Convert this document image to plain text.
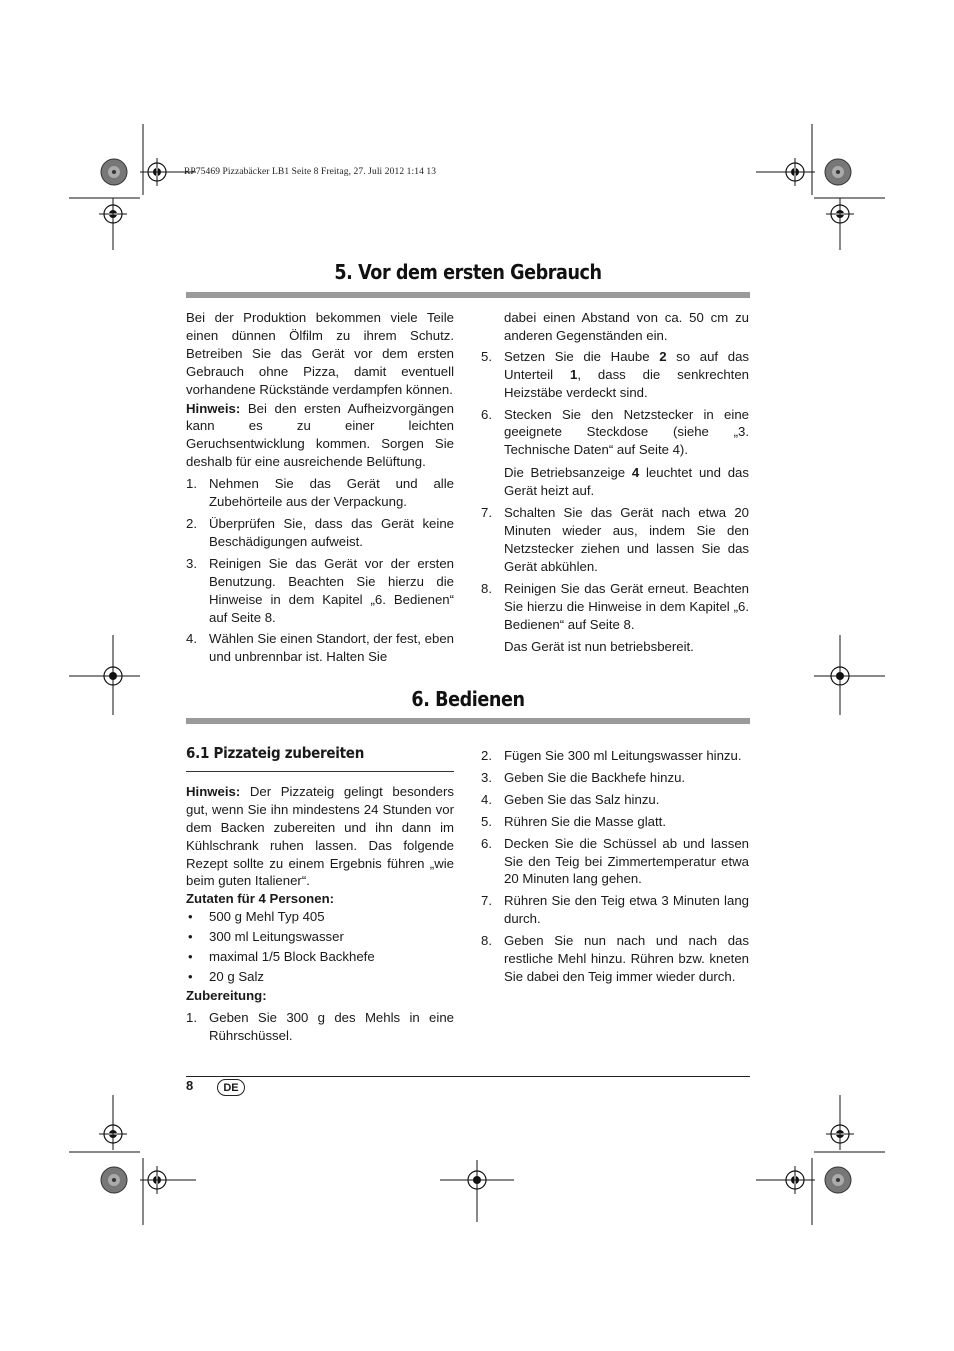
RP75469 Pizzabäcker LB1 Seite 8 Freitag, 27. Juli 2012 1:14 13
5. Vor dem ersten Gebrauch

Bei der Produktion bekommen viele Teile einen dünnen Ölfilm zu ihrem Schutz. Betreiben Sie das Gerät vor dem ersten Gebrauch ohne Pizza, damit eventuell vorhandene Rückstände verdampfen können.

Hinweis: Bei den ersten Aufheizvorgängen kann es zu einer leichten Geruchsentwicklung kommen. Sorgen Sie deshalb für eine ausreichende Belüftung.

1. Nehmen Sie das Gerät und alle Zubehörteile aus der Verpackung.
2. Überprüfen Sie, dass das Gerät keine Beschädigungen aufweist.
3. Reinigen Sie das Gerät vor der ersten Benutzung. Beachten Sie hierzu die Hinweise in dem Kapitel „6. Bedienen“ auf Seite 8.
4. Wählen Sie einen Standort, der fest, eben und unbrennbar ist. Halten Sie
dabei einen Abstand von ca. 50 cm zu anderen Gegenständen ein.
5. Setzen Sie die Haube 2 so auf das Unterteil 1, dass die senkrechten Heizstäbe verdeckt sind.
6. Stecken Sie den Netzstecker in eine geeignete Steckdose (siehe „3. Technische Daten“ auf Seite 4).
Die Betriebsanzeige 4 leuchtet und das Gerät heizt auf.
7. Schalten Sie das Gerät nach etwa 20 Minuten wieder aus, indem Sie den Netzstecker ziehen und lassen Sie das Gerät abkühlen.
8. Reinigen Sie das Gerät erneut. Beachten Sie hierzu die Hinweise in dem Kapitel „6. Bedienen“ auf Seite 8.
Das Gerät ist nun betriebsbereit.
6. Bedienen
6.1 Pizzateig zubereiten

Hinweis: Der Pizzateig gelingt besonders gut, wenn Sie ihn mindestens 24 Stunden vor dem Backen zubereiten und ihn dann im Kühlschrank ruhen lassen. Das folgende Rezept sollte zu einem Ergebnis führen „wie beim guten Italiener“.

Zutaten für 4 Personen:

• 500 g Mehl Typ 405
• 300 ml Leitungswasser
• maximal 1/5 Block Backhefe
• 20 g Salz

Zubereitung:

1. Geben Sie 300 g des Mehls in eine Rührschüssel.
2. Fügen Sie 300 ml Leitungswasser hinzu.
3. Geben Sie die Backhefe hinzu.
4. Geben Sie das Salz hinzu.
5. Rühren Sie die Masse glatt.
6. Decken Sie die Schüssel ab und lassen Sie den Teig bei Zimmertemperatur etwa 20 Minuten lang gehen.
7. Rühren Sie den Teig etwa 3 Minuten lang durch.
8. Geben Sie nun nach und nach das restliche Mehl hinzu. Rühren bzw. kneten Sie dabei den Teig immer wieder durch.
8	DE
